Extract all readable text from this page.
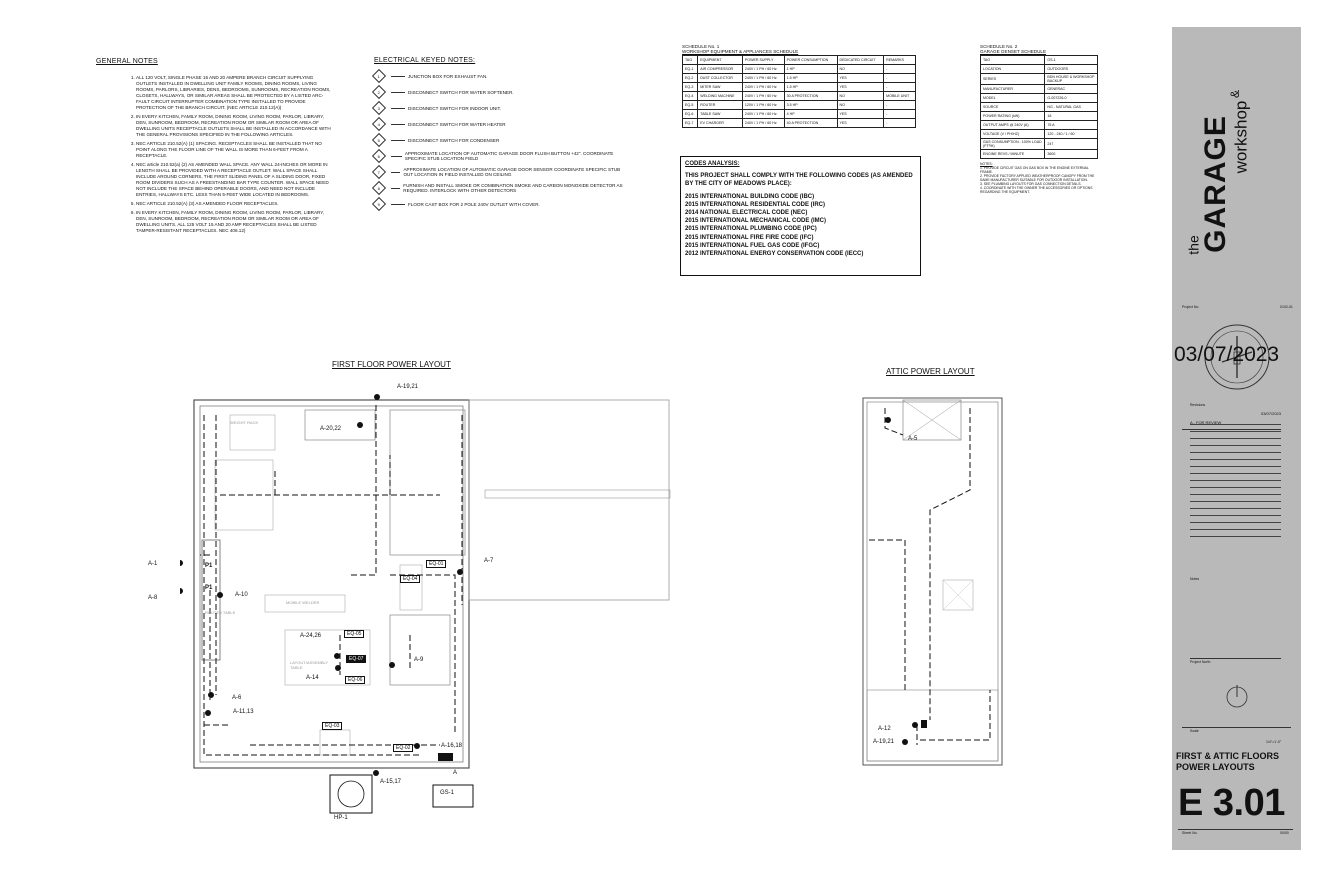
GENERAL NOTES
1. ALL 120 VOLT, SINGLE PHASE 15 AND 20 AMPERE BRANCH CIRCUIT SUPPLYING OUTLETS INSTALLED IN DWELLING UNIT FAMILY ROOMS, DINING ROOMS, LIVING ROOMS, PARLORS, LIBRARIES, DENS, BEDROOMS, SUNROOMS, RECREATION ROOMS, CLOSETS, HALLWAYS, OR SIMILAR AREAS SHALL BE PROTECTED BY A LISTED ARC-FAULT CIRCUIT INTERRUPTER COMBINATION TYPE INSTALLED TO PROVIDE PROTECTION OF THE BRANCH CIRCUIT. (NEC ARTICLE 210.12(A))
2. IN EVERY KITCHEN, FAMILY ROOM, DINING ROOM, LIVING ROOM, PARLOR, LIBRARY, DEN, SUNROOM, BEDROOM, RECREATION ROOM OR SIMILAR ROOM OR AREA OF DWELLING UNITS RECEPTACLE OUTLETS SHALL BE INSTALLED IN ACCORDANCE WITH THE GENERAL PROVISIONS SPECIFIED IN THE FOLLOWING ARTICLES.
3. NEC ARTICLE 210.52(A) (1) SPACING. RECEPTACLES SHALL BE INSTALLED THAT NO POINT ALONG THE FLOOR LINE OF THE WALL IS MORE THAN 6-FEET FROM A RECEPTACLE.
4. NEC article 210.52(a) (2) AS AMENDED WALL SPACE. ANY WALL 24-INCHES OR MORE IN LENGTH SHALL BE PROVIDED WITH A RECEPTACLE OUTLET. WALL SPACE SHALL INCLUDE AROUND CORNERS, THE FIRST SLIDING PANEL OF A SLIDING DOOR, FIXED ROOM DIVIDERS SUCH AS A FREESTANDING BAR TYPE COUNTER. WALL SPACE NEED NOT INCLUDE THE SPACE BEHIND OPERABLE DOORS, AND NEED NOT INCLUDE ENTRIES, HALLWAYS ETC. LESS THAN 5-FEET WIDE LOCATED IN BEDROOMS.
5. NEC ARTICLE 210.52(A) (3) AS AMENDED FLOOR RECEPTACLES.
6. IN EVERY KITCHEN, FAMILY ROOM, DINING ROOM, LIVING ROOM, PARLOR, LIBRARY, DEN, SUNROOM, BEDROOM, RECREATION ROOM OR SIMILAR ROOM OR AREA OF DWELLING UNITS. ALL 125 VOLT 15 AND 20 AMP RECEPTACLES SHALL BE LISTED TAMPER-RESISTANT RECEPTACLES. NEC 406.12)
ELECTRICAL KEYED NOTES:
1	JUNCTION BOX FOR EXHAUST FAN.
2	DISCONNECT SWITCH FOR WATER SOFTENER.
3	DISCONNECT SWITCH FOR INDOOR UNIT.
4	DISCONNECT SWITCH FOR WATER HEATER
5	DISCONNECT SWITCH FOR CONDENSER
6	APPROXIMATE LOCATION OF AUTOMATIC GARAGE DOOR FLUSH BUTTON +42". COORDINATE SPECIFIC STUB LOCATION FIELD
7	APPROXIMATE LOCATION OF AUTOMATIC GARAGE DOOR SENSOR COORDINATE SPECIFIC STUB OUT LOCATION IN FIELD INSTALLED ON CEILING
8	FURNISH AND INSTALL SMOKE OR COMBINATION SMOKE AND CARBON MONOXIDE DETECTOR AS REQUIRED. INTERLOCK WITH OTHER DETECTORS
9	FLOOR CAST BOX FOR 2 POLE 240V OUTLET WITH COVER.
SCHEDULE No. 1
WORKSHOP EQUIPMENT & APPLIANCES SCHEDULE
TAG	EQUIPMENT	POWER SUPPLY	POWER CONSUMPTION	DEDICATED CIRCUIT	REMARKS
EQ-1	AIR COMPRESSOR	240V / 1 PH / 60 Hz	1 HP	NO	-
EQ-2	DUST COLLECTOR	240V / 1 PH / 60 Hz	1.5 HP	YES	-
EQ-3	MITER SAW	240V / 1 PH / 60 Hz	1.5 HP	YES	-
EQ-4	WELDING MACHINE	240V / 1 PH / 60 Hz	30 A PROTECTION	NO	MOBILE UNIT
EQ-5	ROUTER	120V / 1 PH / 60 Hz	3.5 HP	NO	-
EQ-6	TABLE SAW	240V / 1 PH / 60 Hz	4 HP	YES	-
EQ-7	EV CHARGER	240V / 1 PH / 60 Hz	40 A PROTECTION	YES	-
SCHEDULE No. 2
GARAGE GENSET SCHEDULE
TAG	GS-1
LOCATION	OUTDOORS
SERIES	BDN HOUSE & WORKSHOP BACKUP
MANUFACTURER	GENERAC
MODEL	G-007226-0
SOURCE	NG - NATURAL GAS
POWER RATING (kW)	18
OUTPUT AMPS @ 240V (A)	75 A
VOLTAGE (V / PH/HZ)	120 - 240 / 1 / 60
GAS CONSUMPTION - 100% LOAD (FT³/H)	247
ENGINE REVS / MINUTE	3600
NOTES:
1. PROVIDE CIRCUIT GAS ON GAS BOX IN THE ENGINE EXTERNAL FRAME.
2. PROVIDE FACTORY APPLIED WEATHERPROOF CANOPY FROM THE SAME MANUFACTURER SUITABLE FOR OUTDOOR INSTALLATION.
3. SEE PLUMBING LAYOUTS FOR GAS CONNECTION DETAILS.
4. COORDINATE WITH THE OWNER THE ACCESSORIES OR OPTIONS REGARDING THE EQUIPMENT.
CODES ANALYSIS:
THIS PROJECT SHALL COMPLY WITH THE FOLLOWING CODES (AS AMENDED BY THE CITY OF MEADOWS PLACE):
2015 INTERNATIONAL BUILDING CODE (IBC)
2015 INTERNATIONAL RESIDENTIAL CODE (IRC)
2014 NATIONAL ELECTRICAL CODE (NEC)
2015 INTERNATIONAL MECHANICAL CODE (IMC)
2015 INTERNATIONAL PLUMBING CODE (IPC)
2015 INTERNATIONAL FIRE FIRE CODE (IFC)
2015 INTERNATIONAL FUEL GAS CODE (IFGC)
2012 INTERNATIONAL ENERGY CONSERVATION CODE (IECC)
FIRST FLOOR POWER LAYOUT
A-19,21
A-20,22
A-1
A-8	A-10
A-7
A-24,26
A-14
A-9
A-6
A-11,13
A-16,18
A-15,17
EQ-01
EQ-04
EQ-05
EQ-06
EQ-03
EQ-02
EQ-07
WEIGHT RACK
MOBILE WELDER
LAYOUT/ASSEMBLY TABLE
ROUTER TABLE
P1
P1
HP-1
A
GS-1
ATTIC POWER LAYOUT
A-5
A-12
A-19,21
the
GARAGE
&
workshop
Project No.	0102-01
03/07/2023
Revisions
A - FOR REVIEW
03/07/2023
Notes
Project North
Scale
1/4"=1'-0"
FIRST & ATTIC FLOORS POWER LAYOUTS
E 3.01
Sheet No.	00/00
